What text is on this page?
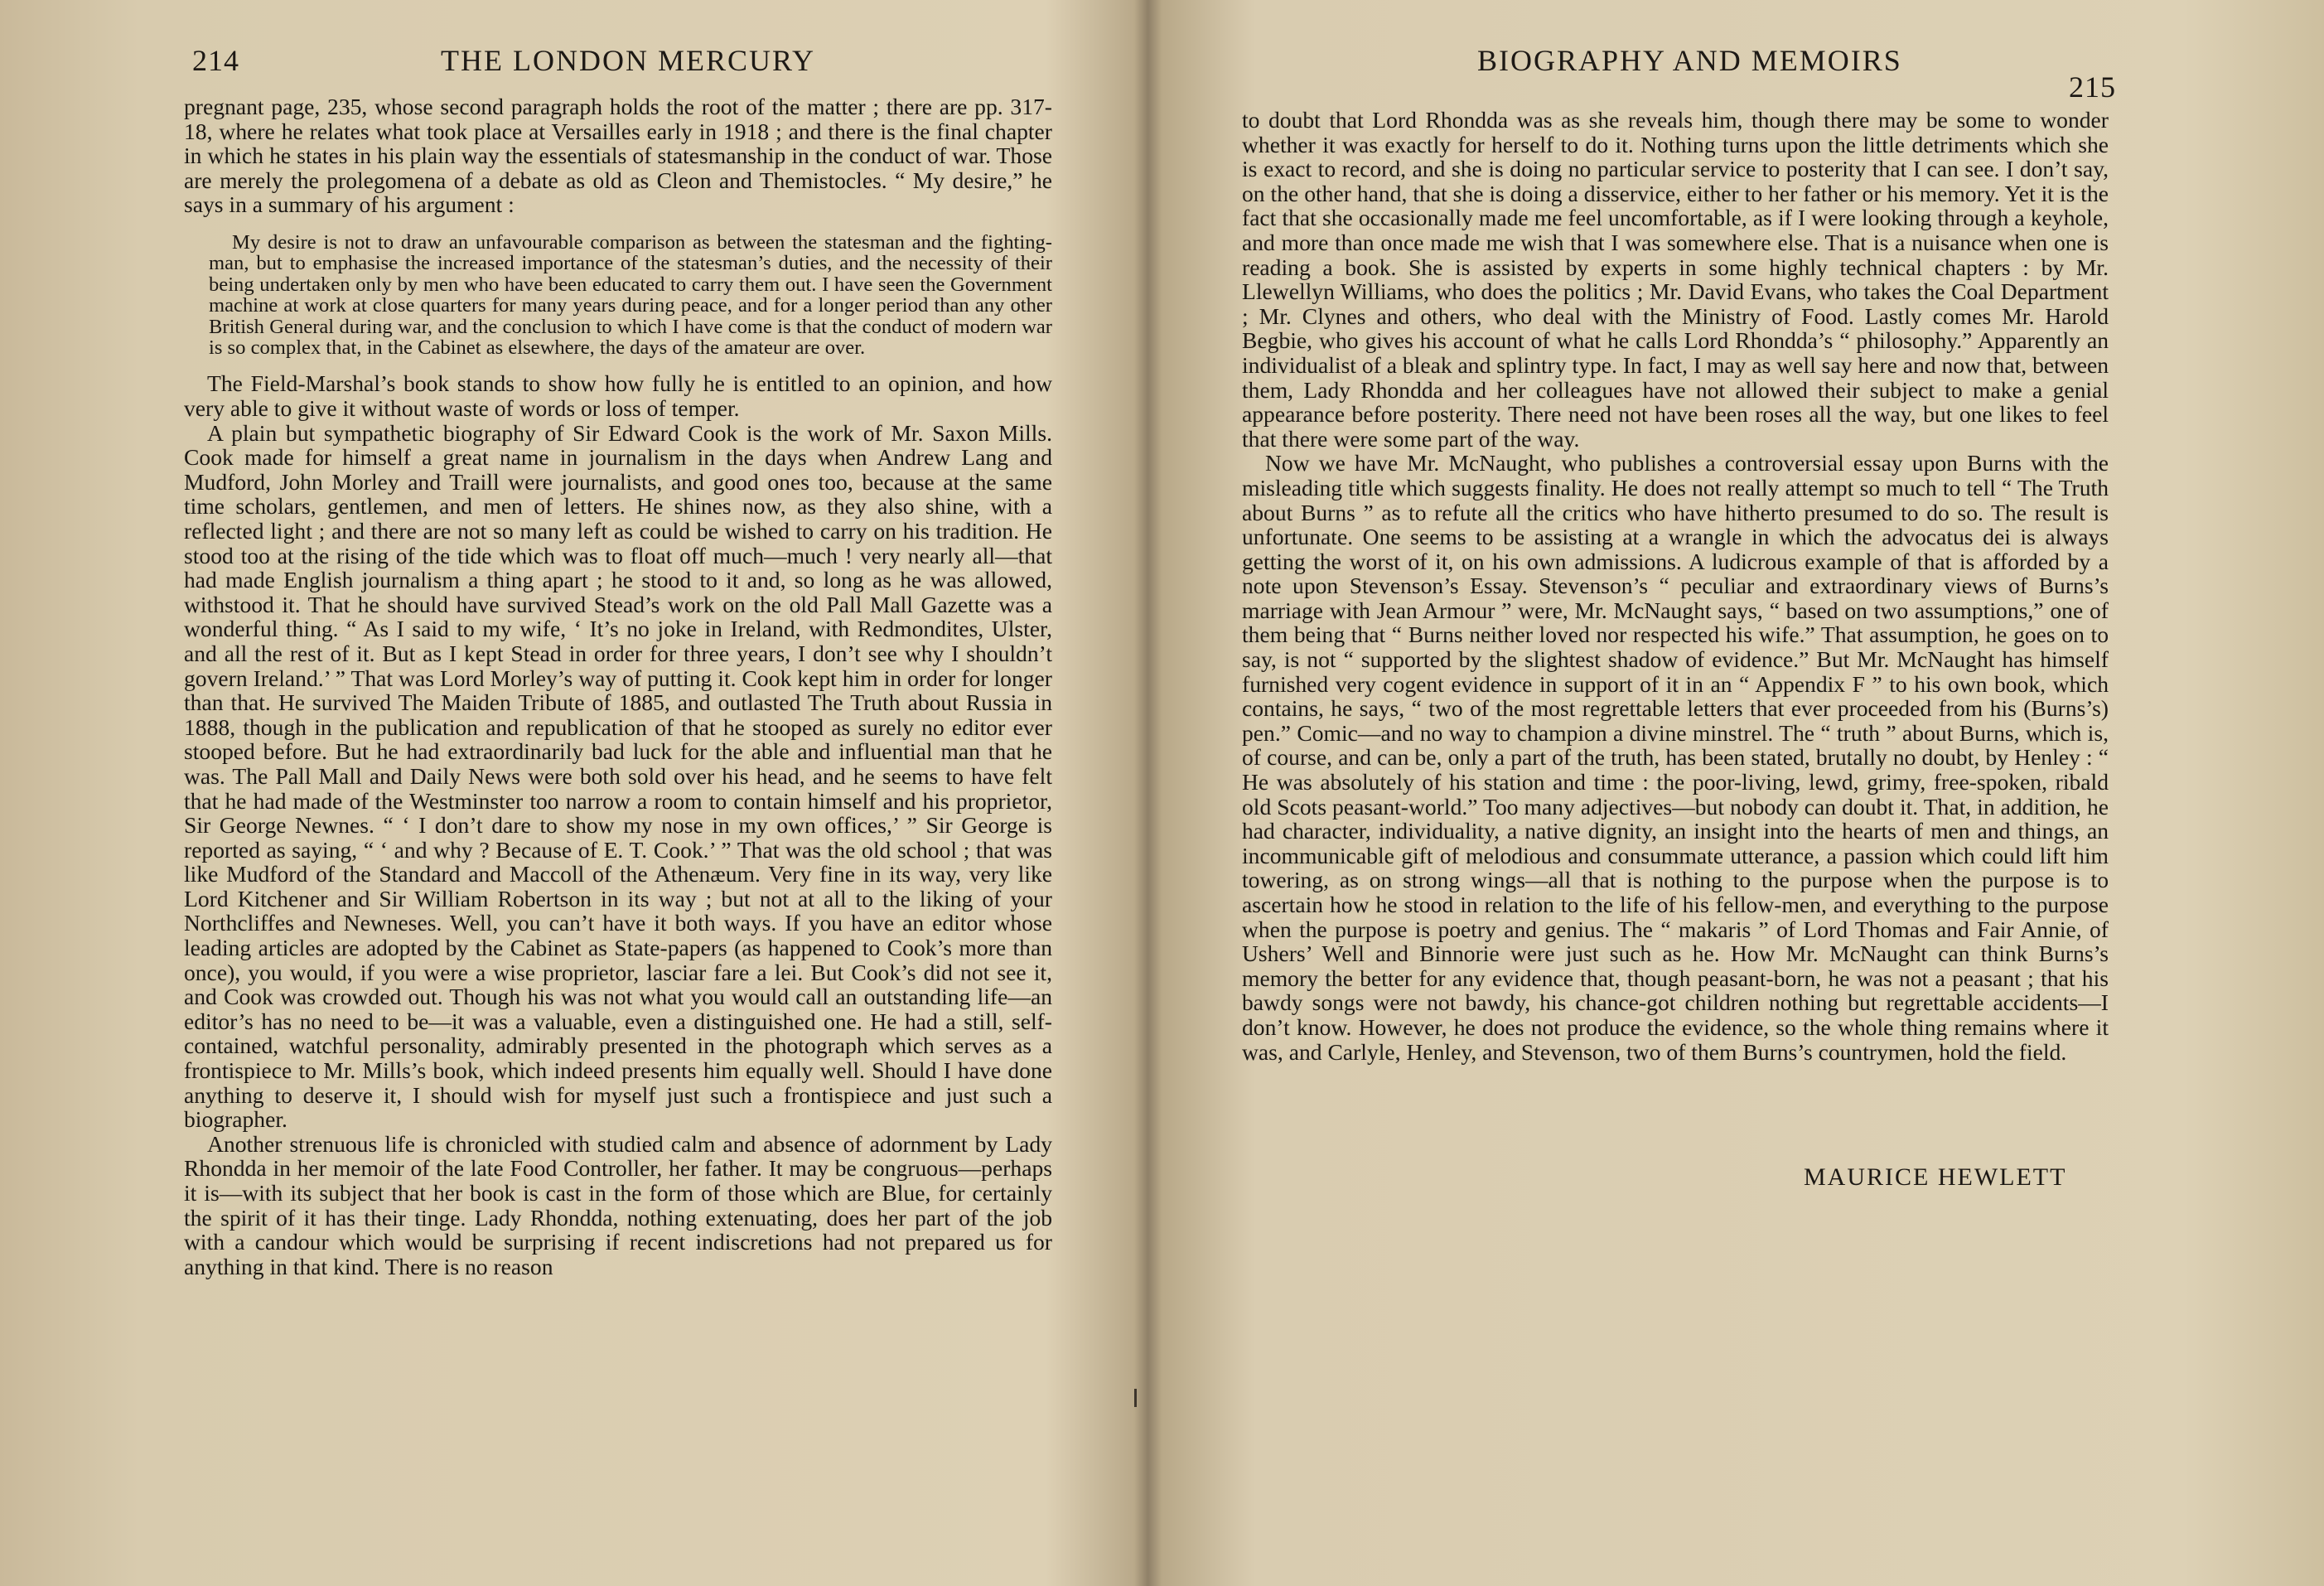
214	THE LONDON MERCURY

pregnant page, 235, whose second paragraph holds the root of the matter ; there are pp. 317-18, where he relates what took place at Versailles early in 1918 ; and there is the final chapter in which he states in his plain way the essentials of statesmanship in the conduct of war. Those are merely the prolegomena of a debate as old as Cleon and Themistocles. “ My desire,” he says in a summary of his argument :

My desire is not to draw an unfavourable comparison as between the statesman and the fighting-man, but to emphasise the increased importance of the statesman’s duties, and the necessity of their being undertaken only by men who have been educated to carry them out. I have seen the Government machine at work at close quarters for many years during peace, and for a longer period than any other British General during war, and the conclusion to which I have come is that the conduct of modern war is so complex that, in the Cabinet as elsewhere, the days of the amateur are over.

The Field-Marshal’s book stands to show how fully he is entitled to an opinion, and how very able to give it without waste of words or loss of temper.

A plain but sympathetic biography of Sir Edward Cook is the work of Mr. Saxon Mills. Cook made for himself a great name in journalism in the days when Andrew Lang and Mudford, John Morley and Traill were journalists, and good ones too, because at the same time scholars, gentlemen, and men of letters. He shines now, as they also shine, with a reflected light ; and there are not so many left as could be wished to carry on his tradition. He stood too at the rising of the tide which was to float off much—much ! very nearly all—that had made English journalism a thing apart ; he stood to it and, so long as he was allowed, withstood it. That he should have survived Stead’s work on the old Pall Mall Gazette was a wonderful thing. “ As I said to my wife, ‘ It’s no joke in Ireland, with Redmondites, Ulster, and all the rest of it. But as I kept Stead in order for three years, I don’t see why I shouldn’t govern Ireland.’ ” That was Lord Morley’s way of putting it. Cook kept him in order for longer than that. He survived The Maiden Tribute of 1885, and outlasted The Truth about Russia in 1888, though in the publication and republication of that he stooped as surely no editor ever stooped before. But he had extraordinarily bad luck for the able and influential man that he was. The Pall Mall and Daily News were both sold over his head, and he seems to have felt that he had made of the Westminster too narrow a room to contain himself and his proprietor, Sir George Newnes. “ ‘ I don’t dare to show my nose in my own offices,’ ” Sir George is reported as saying, “ ‘ and why ? Because of E. T. Cook.’ ” That was the old school ; that was like Mudford of the Standard and Maccoll of the Athenæum. Very fine in its way, very like Lord Kitchener and Sir William Robertson in its way ; but not at all to the liking of your Northcliffes and Newneses. Well, you can’t have it both ways. If you have an editor whose leading articles are adopted by the Cabinet as State-papers (as happened to Cook’s more than once), you would, if you were a wise proprietor, lasciar fare a lei. But Cook’s did not see it, and Cook was crowded out. Though his was not what you would call an outstanding life—an editor’s has no need to be—it was a valuable, even a distinguished one. He had a still, self-contained, watchful personality, admirably presented in the photograph which serves as a frontispiece to Mr. Mills’s book, which indeed presents him equally well. Should I have done anything to deserve it, I should wish for myself just such a frontispiece and just such a biographer.

Another strenuous life is chronicled with studied calm and absence of adornment by Lady Rhondda in her memoir of the late Food Controller, her father. It may be congruous—perhaps it is—with its subject that her book is cast in the form of those which are Blue, for certainly the spirit of it has their tinge. Lady Rhondda, nothing extenuating, does her part of the job with a candour which would be surprising if recent indiscretions had not prepared us for anything in that kind. There is no reason

BIOGRAPHY AND MEMOIRS
215

to doubt that Lord Rhondda was as she reveals him, though there may be some to wonder whether it was exactly for herself to do it. Nothing turns upon the little detriments which she is exact to record, and she is doing no particular service to posterity that I can see. I don’t say, on the other hand, that she is doing a disservice, either to her father or his memory. Yet it is the fact that she occasionally made me feel uncomfortable, as if I were looking through a keyhole, and more than once made me wish that I was somewhere else. That is a nuisance when one is reading a book. She is assisted by experts in some highly technical chapters : by Mr. Llewellyn Williams, who does the politics ; Mr. David Evans, who takes the Coal Department ; Mr. Clynes and others, who deal with the Ministry of Food. Lastly comes Mr. Harold Begbie, who gives his account of what he calls Lord Rhondda’s “ philosophy.” Apparently an individualist of a bleak and splintry type. In fact, I may as well say here and now that, between them, Lady Rhondda and her colleagues have not allowed their subject to make a genial appearance before posterity. There need not have been roses all the way, but one likes to feel that there were some part of the way.

Now we have Mr. McNaught, who publishes a controversial essay upon Burns with the misleading title which suggests finality. He does not really attempt so much to tell “ The Truth about Burns ” as to refute all the critics who have hitherto presumed to do so. The result is unfortunate. One seems to be assisting at a wrangle in which the advocatus dei is always getting the worst of it, on his own admissions. A ludicrous example of that is afforded by a note upon Stevenson’s Essay. Stevenson’s “ peculiar and extraordinary views of Burns’s marriage with Jean Armour ” were, Mr. McNaught says, “ based on two assumptions,” one of them being that “ Burns neither loved nor respected his wife.” That assumption, he goes on to say, is not “ supported by the slightest shadow of evidence.” But Mr. McNaught has himself furnished very cogent evidence in support of it in an “ Appendix F ” to his own book, which contains, he says, “ two of the most regrettable letters that ever proceeded from his (Burns’s) pen.” Comic—and no way to champion a divine minstrel. The “ truth ” about Burns, which is, of course, and can be, only a part of the truth, has been stated, brutally no doubt, by Henley : “ He was absolutely of his station and time : the poor-living, lewd, grimy, free-spoken, ribald old Scots peasant-world.” Too many adjectives—but nobody can doubt it. That, in addition, he had character, individuality, a native dignity, an insight into the hearts of men and things, an incommunicable gift of melodious and consummate utterance, a passion which could lift him towering, as on strong wings—all that is nothing to the purpose when the purpose is to ascertain how he stood in relation to the life of his fellow-men, and everything to the purpose when the purpose is poetry and genius. The “ makaris ” of Lord Thomas and Fair Annie, of Ushers’ Well and Binnorie were just such as he. How Mr. McNaught can think Burns’s memory the better for any evidence that, though peasant-born, he was not a peasant ; that his bawdy songs were not bawdy, his chance-got children nothing but regrettable accidents—I don’t know. However, he does not produce the evidence, so the whole thing remains where it was, and Carlyle, Henley, and Stevenson, two of them Burns’s countrymen, hold the field.

MAURICE HEWLETT
